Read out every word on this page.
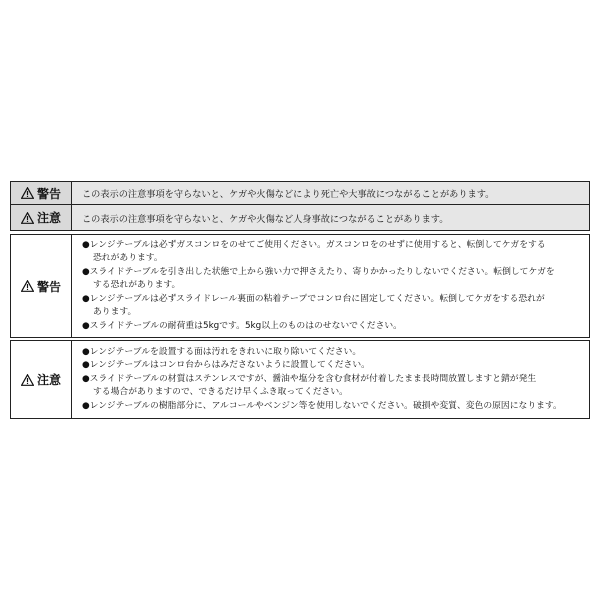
警告 この表示の注意事項を守らないと、ケガや火傷などにより死亡や大事故につながることがあります。
注意 この表示の注意事項を守らないと、ケガや火傷など人身事故につながることがあります。
警告
●レンジテーブルは必ずガスコンロをのせてご使用ください。ガスコンロをのせずに使用すると、転倒してケガをする
恐れがあります。
●スライドテーブルを引き出した状態で上から強い力で押さえたり、寄りかかったりしないでください。転倒してケガを
する恐れがあります。
●レンジテーブルは必ずスライドレール裏面の粘着テープでコンロ台に固定してください。転倒してケガをする恐れが
あります。
●スライドテーブルの耐荷重は5kgです。5kg以上のものはのせないでください。
注意
●レンジテーブルを設置する面は汚れをきれいに取り除いてください。
●レンジテーブルはコンロ台からはみださないように設置してください。
●スライドテーブルの材質はステンレスですが、醤油や塩分を含む食材が付着したまま長時間放置しますと錆が発生
する場合がありますので、できるだけ早くふき取ってください。
●レンジテーブルの樹脂部分に、アルコールやベンジン等を使用しないでください。破損や変質、変色の原因になります。
